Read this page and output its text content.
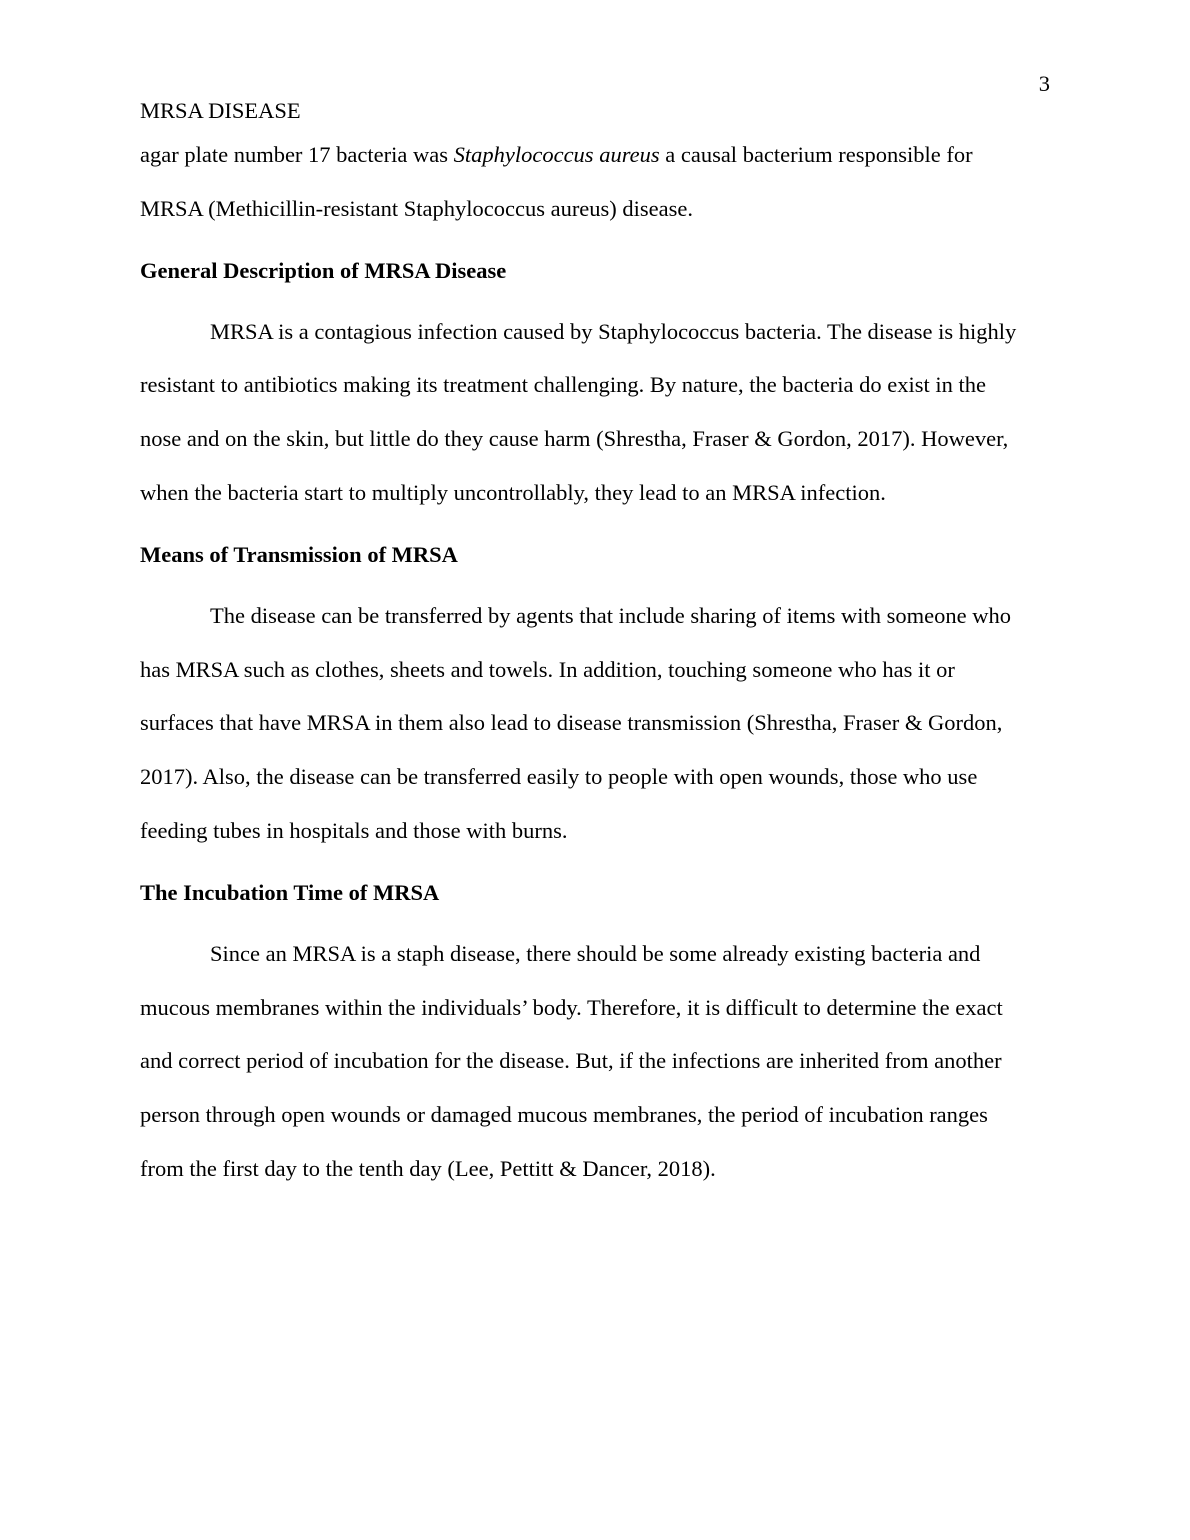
3
MRSA DISEASE
agar plate number 17 bacteria was Staphylococcus aureus a causal bacterium responsible for
MRSA (Methicillin-resistant Staphylococcus aureus) disease.
General Description of MRSA Disease
MRSA is a contagious infection caused by Staphylococcus bacteria. The disease is highly
resistant to antibiotics making its treatment challenging. By nature, the bacteria do exist in the
nose and on the skin, but little do they cause harm (Shrestha, Fraser & Gordon, 2017). However,
when the bacteria start to multiply uncontrollably, they lead to an MRSA infection.
Means of Transmission of MRSA
The disease can be transferred by agents that include sharing of items with someone who
has MRSA such as clothes, sheets and towels. In addition, touching someone who has it or
surfaces that have MRSA in them also lead to disease transmission (Shrestha, Fraser & Gordon,
2017). Also, the disease can be transferred easily to people with open wounds, those who use
feeding tubes in hospitals and those with burns.
The Incubation Time of MRSA
Since an MRSA is a staph disease, there should be some already existing bacteria and
mucous membranes within the individuals’ body. Therefore, it is difficult to determine the exact
and correct period of incubation for the disease. But, if the infections are inherited from another
person through open wounds or damaged mucous membranes, the period of incubation ranges
from the first day to the tenth day (Lee, Pettitt & Dancer, 2018).
